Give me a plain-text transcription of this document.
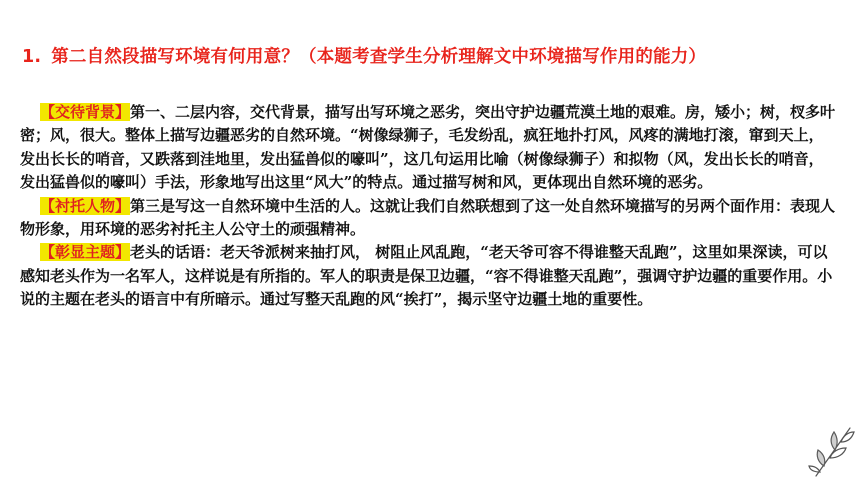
1. 第二自然段描写环境有何用意？（本题考查学生分析理解文中环境描写作用的能力）

【交待背景】第一、二层内容，交代背景，描写出写环境之恶劣，突出守护边疆荒漠土地的艰难。房，矮小；树，杈多叶密；风，很大。整体上描写边疆恶劣的自然环境。“树像绿狮子，毛发纷乱，疯狂地扑打风，风疼的满地打滚，窜到天上，发出长长的哨音，又跌落到洼地里，发出猛兽似的嚎叫”，这几句运用比喻（树像绿狮子）和拟物（风，发出长长的哨音，发出猛兽似的嚎叫）手法，形象地写出这里“风大”的特点。通过描写树和风，更体现出自然环境的恶劣。

【衬托人物】第三是写这一自然环境中生活的人。这就让我们自然联想到了这一处自然环境描写的另两个面作用：表现人物形象，用环境的恶劣衬托主人公守土的顽强精神。

【彰显主题】老头的话语：老天爷派树来抽打风， 树阻止风乱跑，“老天爷可容不得谁整天乱跑”，这里如果深读，可以感知老头作为一名军人，这样说是有所指的。军人的职责是保卫边疆，“容不得谁整天乱跑”，强调守护边疆的重要作用。小说的主题在老头的语言中有所暗示。通过写整天乱跑的风“挨打”，揭示坚守边疆土地的重要性。
